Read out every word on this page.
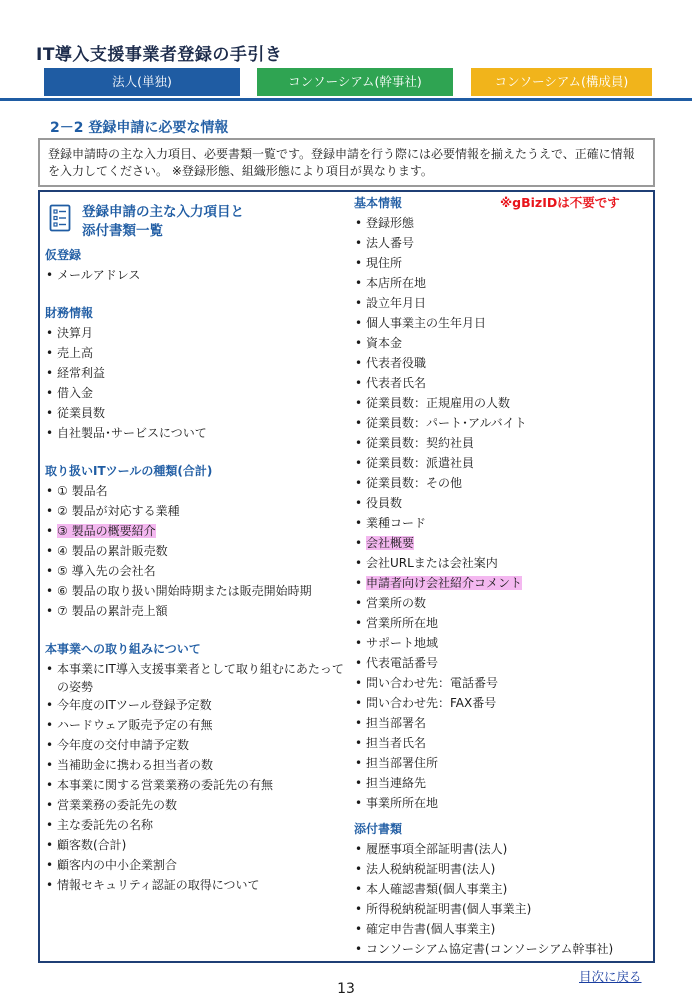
IT導入支援事業者登録の手引き
法人(単独)	コンソーシアム(幹事社)	コンソーシアム(構成員)
2－2 登録申請に必要な情報
登録申請時の主な入力項目、必要書類一覧です。登録申請を行う際には必要情報を揃えたうえで、正確に情報を入力してください。 ※登録形態、組織形態により項目が異なります。
登録申請の主な入力項目と
添付書類一覧
※gBizIDは不要です
仮登録
• メールアドレス
財務情報
• 決算月
• 売上高
• 経常利益
• 借入金
• 従業員数
• 自社製品･サービスについて
取り扱いITツールの種類(合計)
• ① 製品名
• ② 製品が対応する業種
• ③ 製品の概要紹介
• ④ 製品の累計販売数
• ⑤ 導入先の会社名
• ⑥ 製品の取り扱い開始時期または販売開始時期
• ⑦ 製品の累計売上額
本事業への取り組みについて
• 本事業にIT導入支援事業者として取り組むにあたっての姿勢
• 今年度のITツール登録予定数
• ハードウェア販売予定の有無
• 今年度の交付申請予定数
• 当補助金に携わる担当者の数
• 本事業に関する営業業務の委託先の有無
• 営業業務の委託先の数
• 主な委託先の名称
• 顧客数(合計)
• 顧客内の中小企業割合
• 情報セキュリティ認証の取得について
基本情報
• 登録形態
• 法人番号
• 現住所
• 本店所在地
• 設立年月日
• 個人事業主の生年月日
• 資本金
• 代表者役職
• 代表者氏名
• 従業員数：正規雇用の人数
• 従業員数：パート･アルバイト
• 従業員数：契約社員
• 従業員数：派遣社員
• 従業員数：その他
• 役員数
• 業種コード
• 会社概要
• 会社URLまたは会社案内
• 申請者向け会社紹介コメント
• 営業所の数
• 営業所所在地
• サポート地域
• 代表電話番号
• 問い合わせ先：電話番号
• 問い合わせ先：FAX番号
• 担当部署名
• 担当者氏名
• 担当部署住所
• 担当連絡先
• 事業所所在地
添付書類
• 履歴事項全部証明書(法人)
• 法人税納税証明書(法人)
• 本人確認書類(個人事業主)
• 所得税納税証明書(個人事業主)
• 確定申告書(個人事業主)
• コンソーシアム協定書(コンソーシアム幹事社)
目次に戻る
13
